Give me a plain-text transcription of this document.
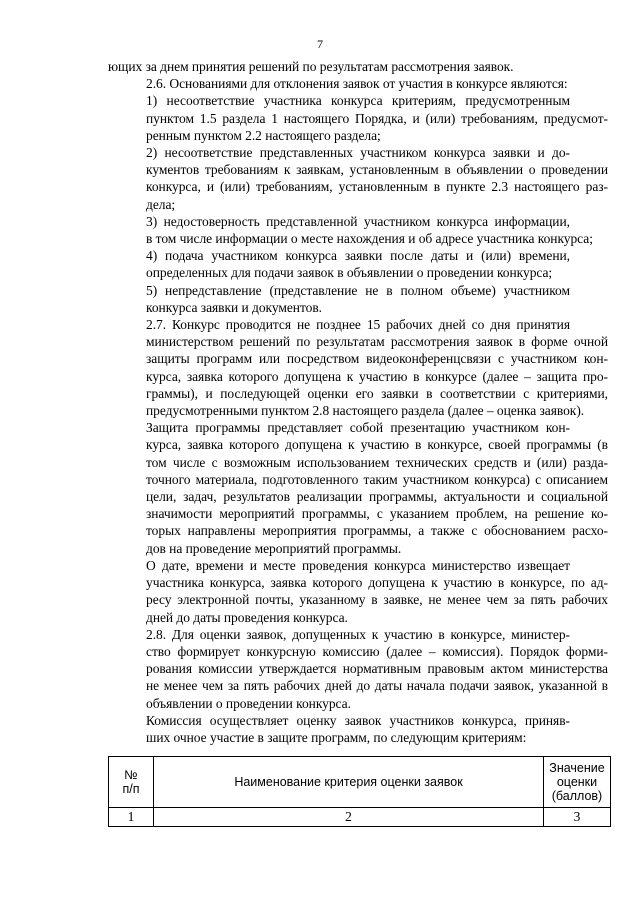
7

ющих за днем принятия решений по результатам рассмотрения заявок.

2.6. Основаниями для отклонения заявок от участия в конкурсе являются:

1) несоответствие участника конкурса критериям, предусмотренным
пунктом 1.5 раздела 1 настоящего Порядка, и (или) требованиям, предусмот-
ренным пунктом 2.2 настоящего раздела;

2) несоответствие представленных участником конкурса заявки и до-
кументов требованиям к заявкам, установленным в объявлении о проведении
конкурса, и (или) требованиям, установленным в пункте 2.3 настоящего раз-
дела;

3) недостоверность представленной участником конкурса информации,
в том числе информации о месте нахождения и об адресе участника конкурса;

4) подача участником конкурса заявки после даты и (или) времени,
определенных для подачи заявок в объявлении о проведении конкурса;

5) непредставление (представление не в полном объеме) участником
конкурса заявки и документов.

2.7. Конкурс проводится не позднее 15 рабочих дней со дня принятия
министерством решений по результатам рассмотрения заявок в форме очной
защиты программ или посредством видеоконференцсвязи с участником кон-
курса, заявка которого допущена к участию в конкурсе (далее – защита про-
граммы), и последующей оценки его заявки в соответствии с критериями,
предусмотренными пунктом 2.8 настоящего раздела (далее – оценка заявок).

Защита программы представляет собой презентацию участником кон-
курса, заявка которого допущена к участию в конкурсе, своей программы (в
том числе с возможным использованием технических средств и (или) разда-
точного материала, подготовленного таким участником конкурса) с описанием
цели, задач, результатов реализации программы, актуальности и социальной
значимости мероприятий программы, с указанием проблем, на решение ко-
торых направлены мероприятия программы, а также с обоснованием расхо-
дов на проведение мероприятий программы.

О дате, времени и месте проведения конкурса министерство извещает
участника конкурса, заявка которого допущена к участию в конкурсе, по ад-
ресу электронной почты, указанному в заявке, не менее чем за пять рабочих
дней до даты проведения конкурса.

2.8. Для оценки заявок, допущенных к участию в конкурсе, министер-
ство формирует конкурсную комиссию (далее – комиссия). Порядок форми-
рования комиссии утверждается нормативным правовым актом министерства
не менее чем за пять рабочих дней до даты начала подачи заявок, указанной в
объявлении о проведении конкурса.

Комиссия осуществляет оценку заявок участников конкурса, приняв-
ших очное участие в защите программ, по следующим критериям:

№
п/п	Наименование критерия оценки заявок	Значение
оценки
(баллов)

1	2	3
